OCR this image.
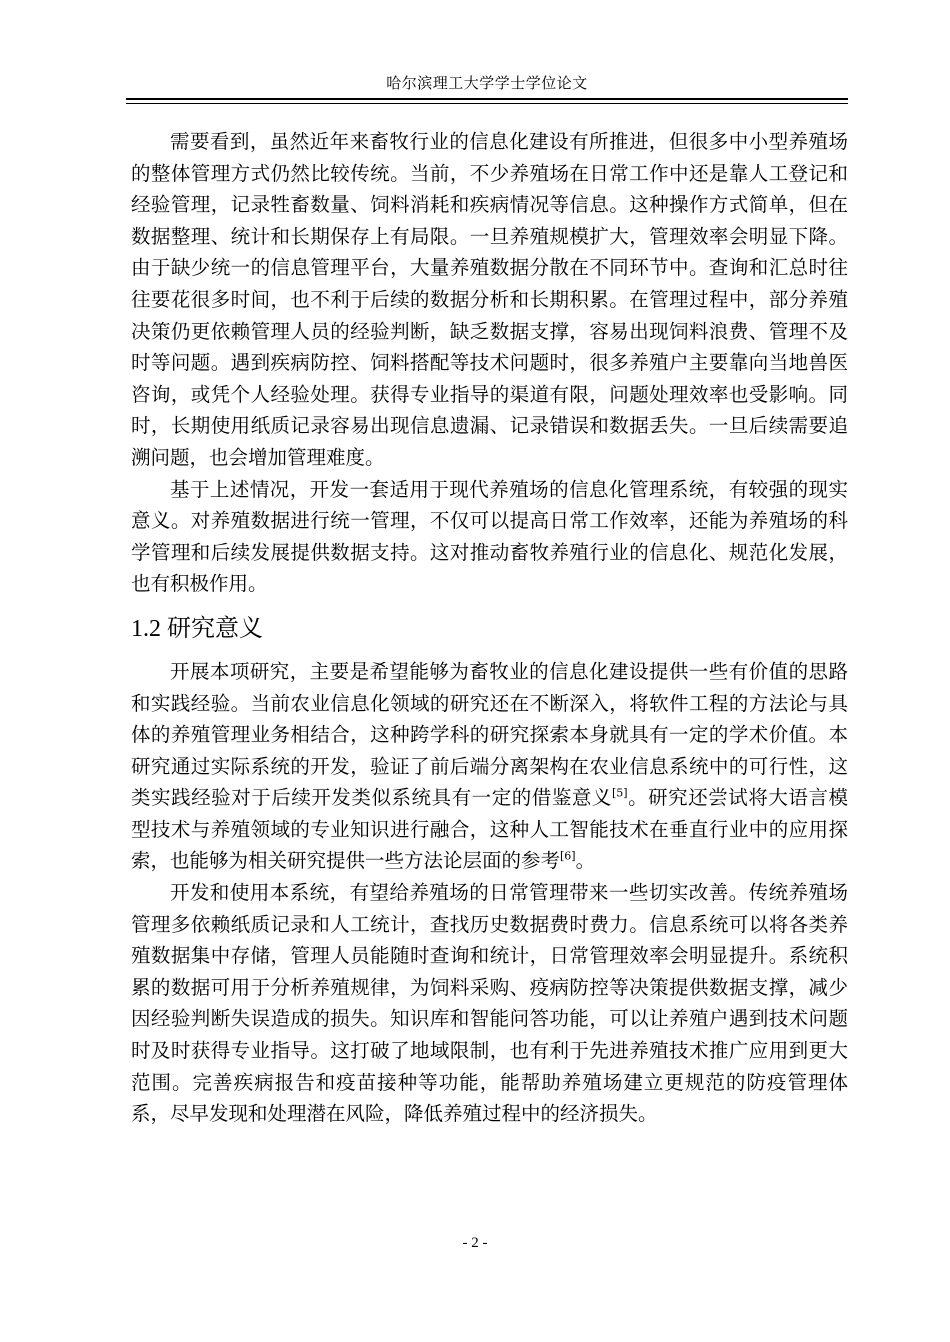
哈尔滨理工大学学士学位论文

需要看到，虽然近年来畜牧行业的信息化建设有所推进，但很多中小型养殖场的整体管理方式仍然比较传统。当前，不少养殖场在日常工作中还是靠人工登记和经验管理，记录牲畜数量、饲料消耗和疾病情况等信息。这种操作方式简单，但在数据整理、统计和长期保存上有局限。一旦养殖规模扩大，管理效率会明显下降。由于缺少统一的信息管理平台，大量养殖数据分散在不同环节中。查询和汇总时往往要花很多时间，也不利于后续的数据分析和长期积累。在管理过程中，部分养殖决策仍更依赖管理人员的经验判断，缺乏数据支撑，容易出现饲料浪费、管理不及时等问题。遇到疾病防控、饲料搭配等技术问题时，很多养殖户主要靠向当地兽医咨询，或凭个人经验处理。获得专业指导的渠道有限，问题处理效率也受影响。同时，长期使用纸质记录容易出现信息遗漏、记录错误和数据丢失。一旦后续需要追溯问题，也会增加管理难度。

基于上述情况，开发一套适用于现代养殖场的信息化管理系统，有较强的现实意义。对养殖数据进行统一管理，不仅可以提高日常工作效率，还能为养殖场的科学管理和后续发展提供数据支持。这对推动畜牧养殖行业的信息化、规范化发展，也有积极作用。

1.2 研究意义

开展本项研究，主要是希望能够为畜牧业的信息化建设提供一些有价值的思路和实践经验。当前农业信息化领域的研究还在不断深入，将软件工程的方法论与具体的养殖管理业务相结合，这种跨学科的研究探索本身就具有一定的学术价值。本研究通过实际系统的开发，验证了前后端分离架构在农业信息系统中的可行性，这类实践经验对于后续开发类似系统具有一定的借鉴意义[5]。研究还尝试将大语言模型技术与养殖领域的专业知识进行融合，这种人工智能技术在垂直行业中的应用探索，也能够为相关研究提供一些方法论层面的参考[6]。

开发和使用本系统，有望给养殖场的日常管理带来一些切实改善。传统养殖场管理多依赖纸质记录和人工统计，查找历史数据费时费力。信息系统可以将各类养殖数据集中存储，管理人员能随时查询和统计，日常管理效率会明显提升。系统积累的数据可用于分析养殖规律，为饲料采购、疫病防控等决策提供数据支撑，减少因经验判断失误造成的损失。知识库和智能问答功能，可以让养殖户遇到技术问题时及时获得专业指导。这打破了地域限制，也有利于先进养殖技术推广应用到更大范围。完善疾病报告和疫苗接种等功能，能帮助养殖场建立更规范的防疫管理体系，尽早发现和处理潜在风险，降低养殖过程中的经济损失。

- 2 -
